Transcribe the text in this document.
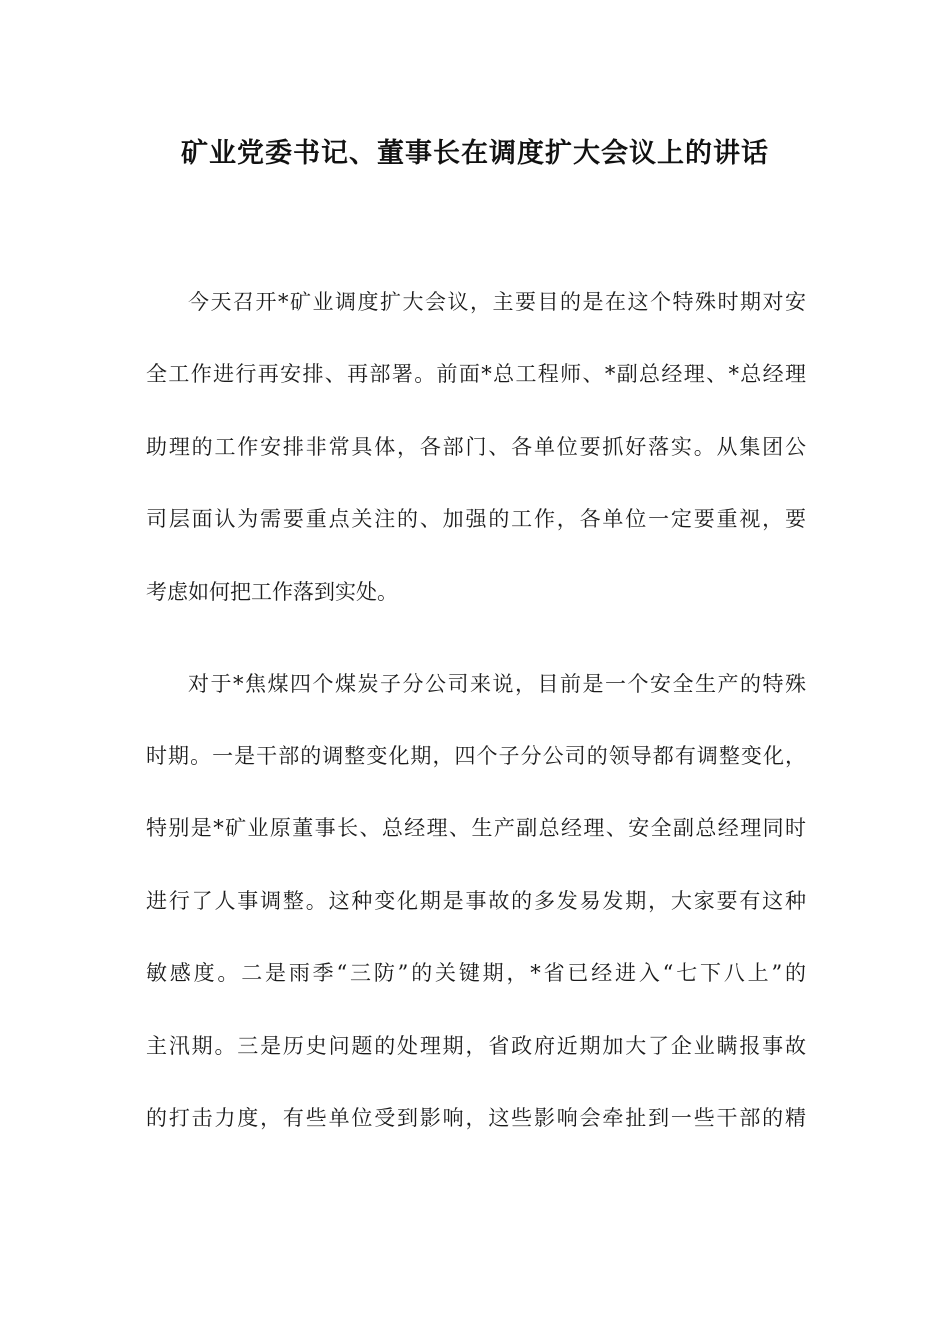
矿业党委书记、董事长在调度扩大会议上的讲话
今天召开*矿业调度扩大会议，主要目的是在这个特殊时期对安
全工作进行再安排、再部署。前面*总工程师、*副总经理、*总经理
助理的工作安排非常具体，各部门、各单位要抓好落实。从集团公
司层面认为需要重点关注的、加强的工作，各单位一定要重视，要
考虑如何把工作落到实处。
对于*焦煤四个煤炭子分公司来说，目前是一个安全生产的特殊
时期。一是干部的调整变化期，四个子分公司的领导都有调整变化，
特别是*矿业原董事长、总经理、生产副总经理、安全副总经理同时
进行了人事调整。这种变化期是事故的多发易发期，大家要有这种
敏感度。二是雨季“三防”的关键期，*省已经进入“七下八上”的
主汛期。三是历史问题的处理期，省政府近期加大了企业瞒报事故
的打击力度，有些单位受到影响，这些影响会牵扯到一些干部的精
